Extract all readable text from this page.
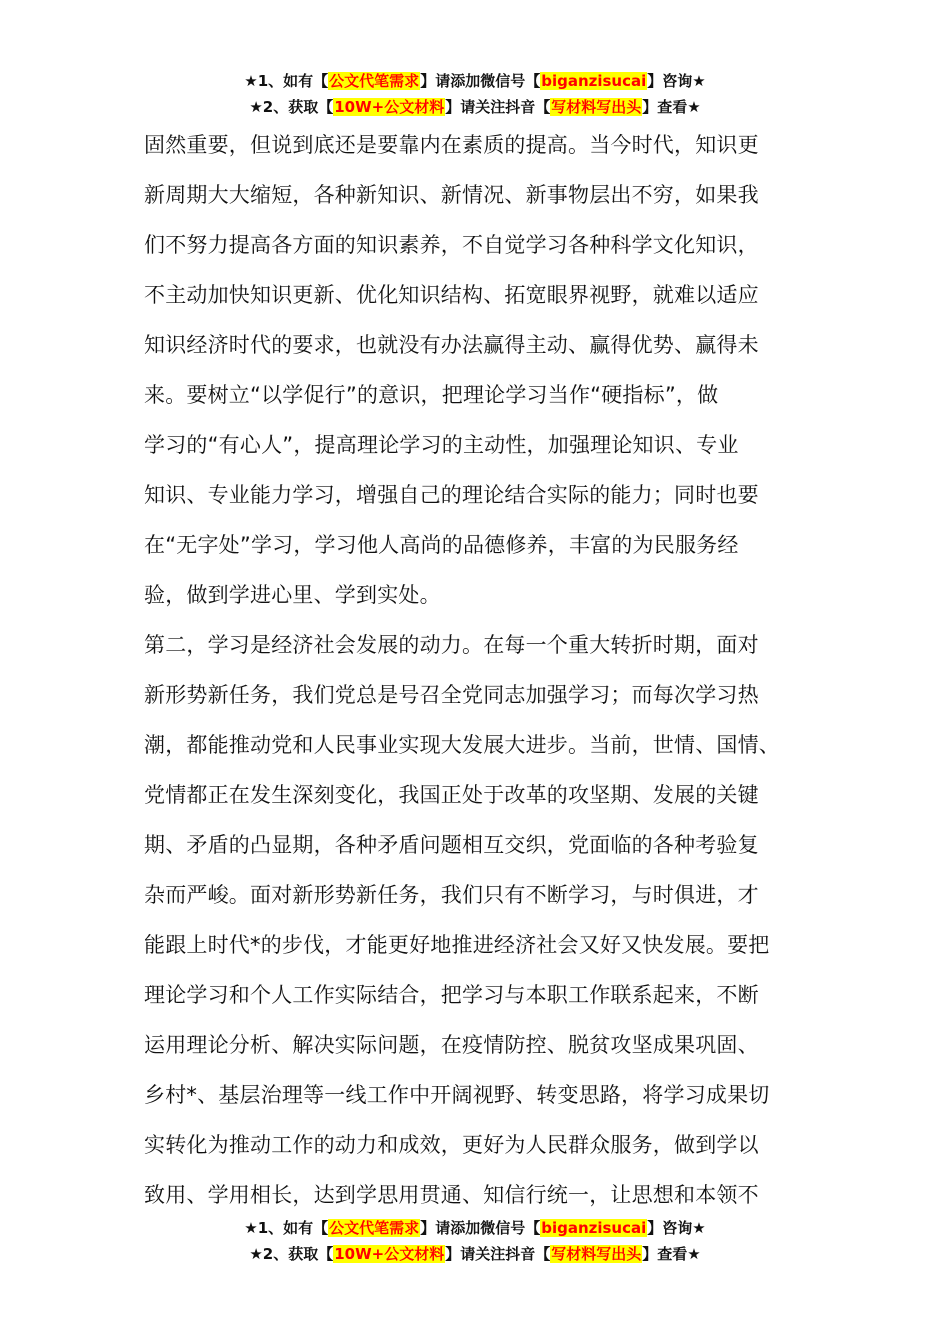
★1、如有【公文代笔需求】请添加微信号【biganzisucai】咨询★
★2、获取【10W+公文材料】请关注抖音【写材料写出头】查看★
固然重要，但说到底还是要靠内在素质的提高。当今时代，知识更
新周期大大缩短，各种新知识、新情况、新事物层出不穷，如果我
们不努力提高各方面的知识素养，不自觉学习各种科学文化知识，
不主动加快知识更新、优化知识结构、拓宽眼界视野，就难以适应
知识经济时代的要求，也就没有办法赢得主动、赢得优势、赢得未
来。要树立“以学促行”的意识，把理论学习当作“硬指标”，做
学习的“有心人”，提高理论学习的主动性，加强理论知识、专业
知识、专业能力学习，增强自己的理论结合实际的能力；同时也要
在“无字处”学习，学习他人高尚的品德修养，丰富的为民服务经
验，做到学进心里、学到实处。
第二，学习是经济社会发展的动力。在每一个重大转折时期，面对
新形势新任务，我们党总是号召全党同志加强学习；而每次学习热
潮，都能推动党和人民事业实现大发展大进步。当前，世情、国情、
党情都正在发生深刻变化，我国正处于改革的攻坚期、发展的关键
期、矛盾的凸显期，各种矛盾问题相互交织，党面临的各种考验复
杂而严峻。面对新形势新任务，我们只有不断学习，与时俱进，才
能跟上时代*的步伐，才能更好地推进经济社会又好又快发展。要把
理论学习和个人工作实际结合，把学习与本职工作联系起来，不断
运用理论分析、解决实际问题，在疫情防控、脱贫攻坚成果巩固、
乡村*、基层治理等一线工作中开阔视野、转变思路，将学习成果切
实转化为推动工作的动力和成效，更好为人民群众服务，做到学以
致用、学用相长，达到学思用贯通、知信行统一，让思想和本领不
★1、如有【公文代笔需求】请添加微信号【biganzisucai】咨询★
★2、获取【10W+公文材料】请关注抖音【写材料写出头】查看★
